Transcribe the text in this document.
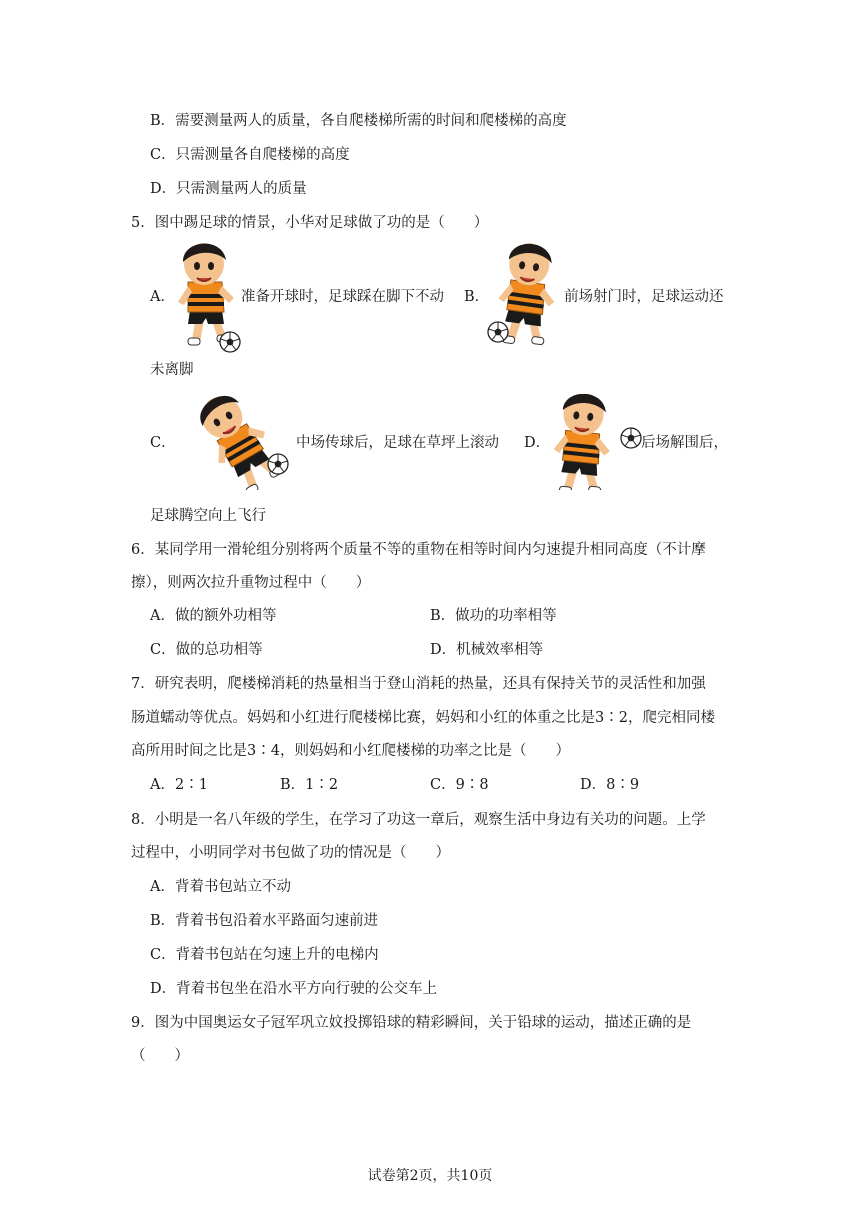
B．需要测量两人的质量，各自爬楼梯所需的时间和爬楼梯的高度
C．只需测量各自爬楼梯的高度
D．只需测量两人的质量
5．图中踢足球的情景，小华对足球做了功的是（　　）
A．	准备开球时，足球踩在脚下不动 B．	前场射门时，足球运动还
未离脚
C．	中场传球后，足球在草坪上滚动 D．	后场解围后，
足球腾空向上飞行
6．某同学用一滑轮组分别将两个质量不等的重物在相等时间内匀速提升相同高度（不计摩
擦），则两次拉升重物过程中（　　）
A．做的额外功相等	B．做功的功率相等
C．做的总功相等	D．机械效率相等
7．研究表明，爬楼梯消耗的热量相当于登山消耗的热量，还具有保持关节的灵活性和加强
肠道蠕动等优点。妈妈和小红进行爬楼梯比赛，妈妈和小红的体重之比是3∶2，爬完相同楼
高所用时间之比是3∶4，则妈妈和小红爬楼梯的功率之比是（　　）
A．2∶1	B．1∶2	C．9∶8	D．8∶9
8．小明是一名八年级的学生，在学习了功这一章后，观察生活中身边有关功的问题。上学
过程中，小明同学对书包做了功的情况是（　　）
A．背着书包站立不动
B．背着书包沿着水平路面匀速前进
C．背着书包站在匀速上升的电梯内
D．背着书包坐在沿水平方向行驶的公交车上
9．图为中国奥运女子冠军巩立妏投掷铅球的精彩瞬间，关于铅球的运动，描述正确的是
（　　）
试卷第2页，共10页
